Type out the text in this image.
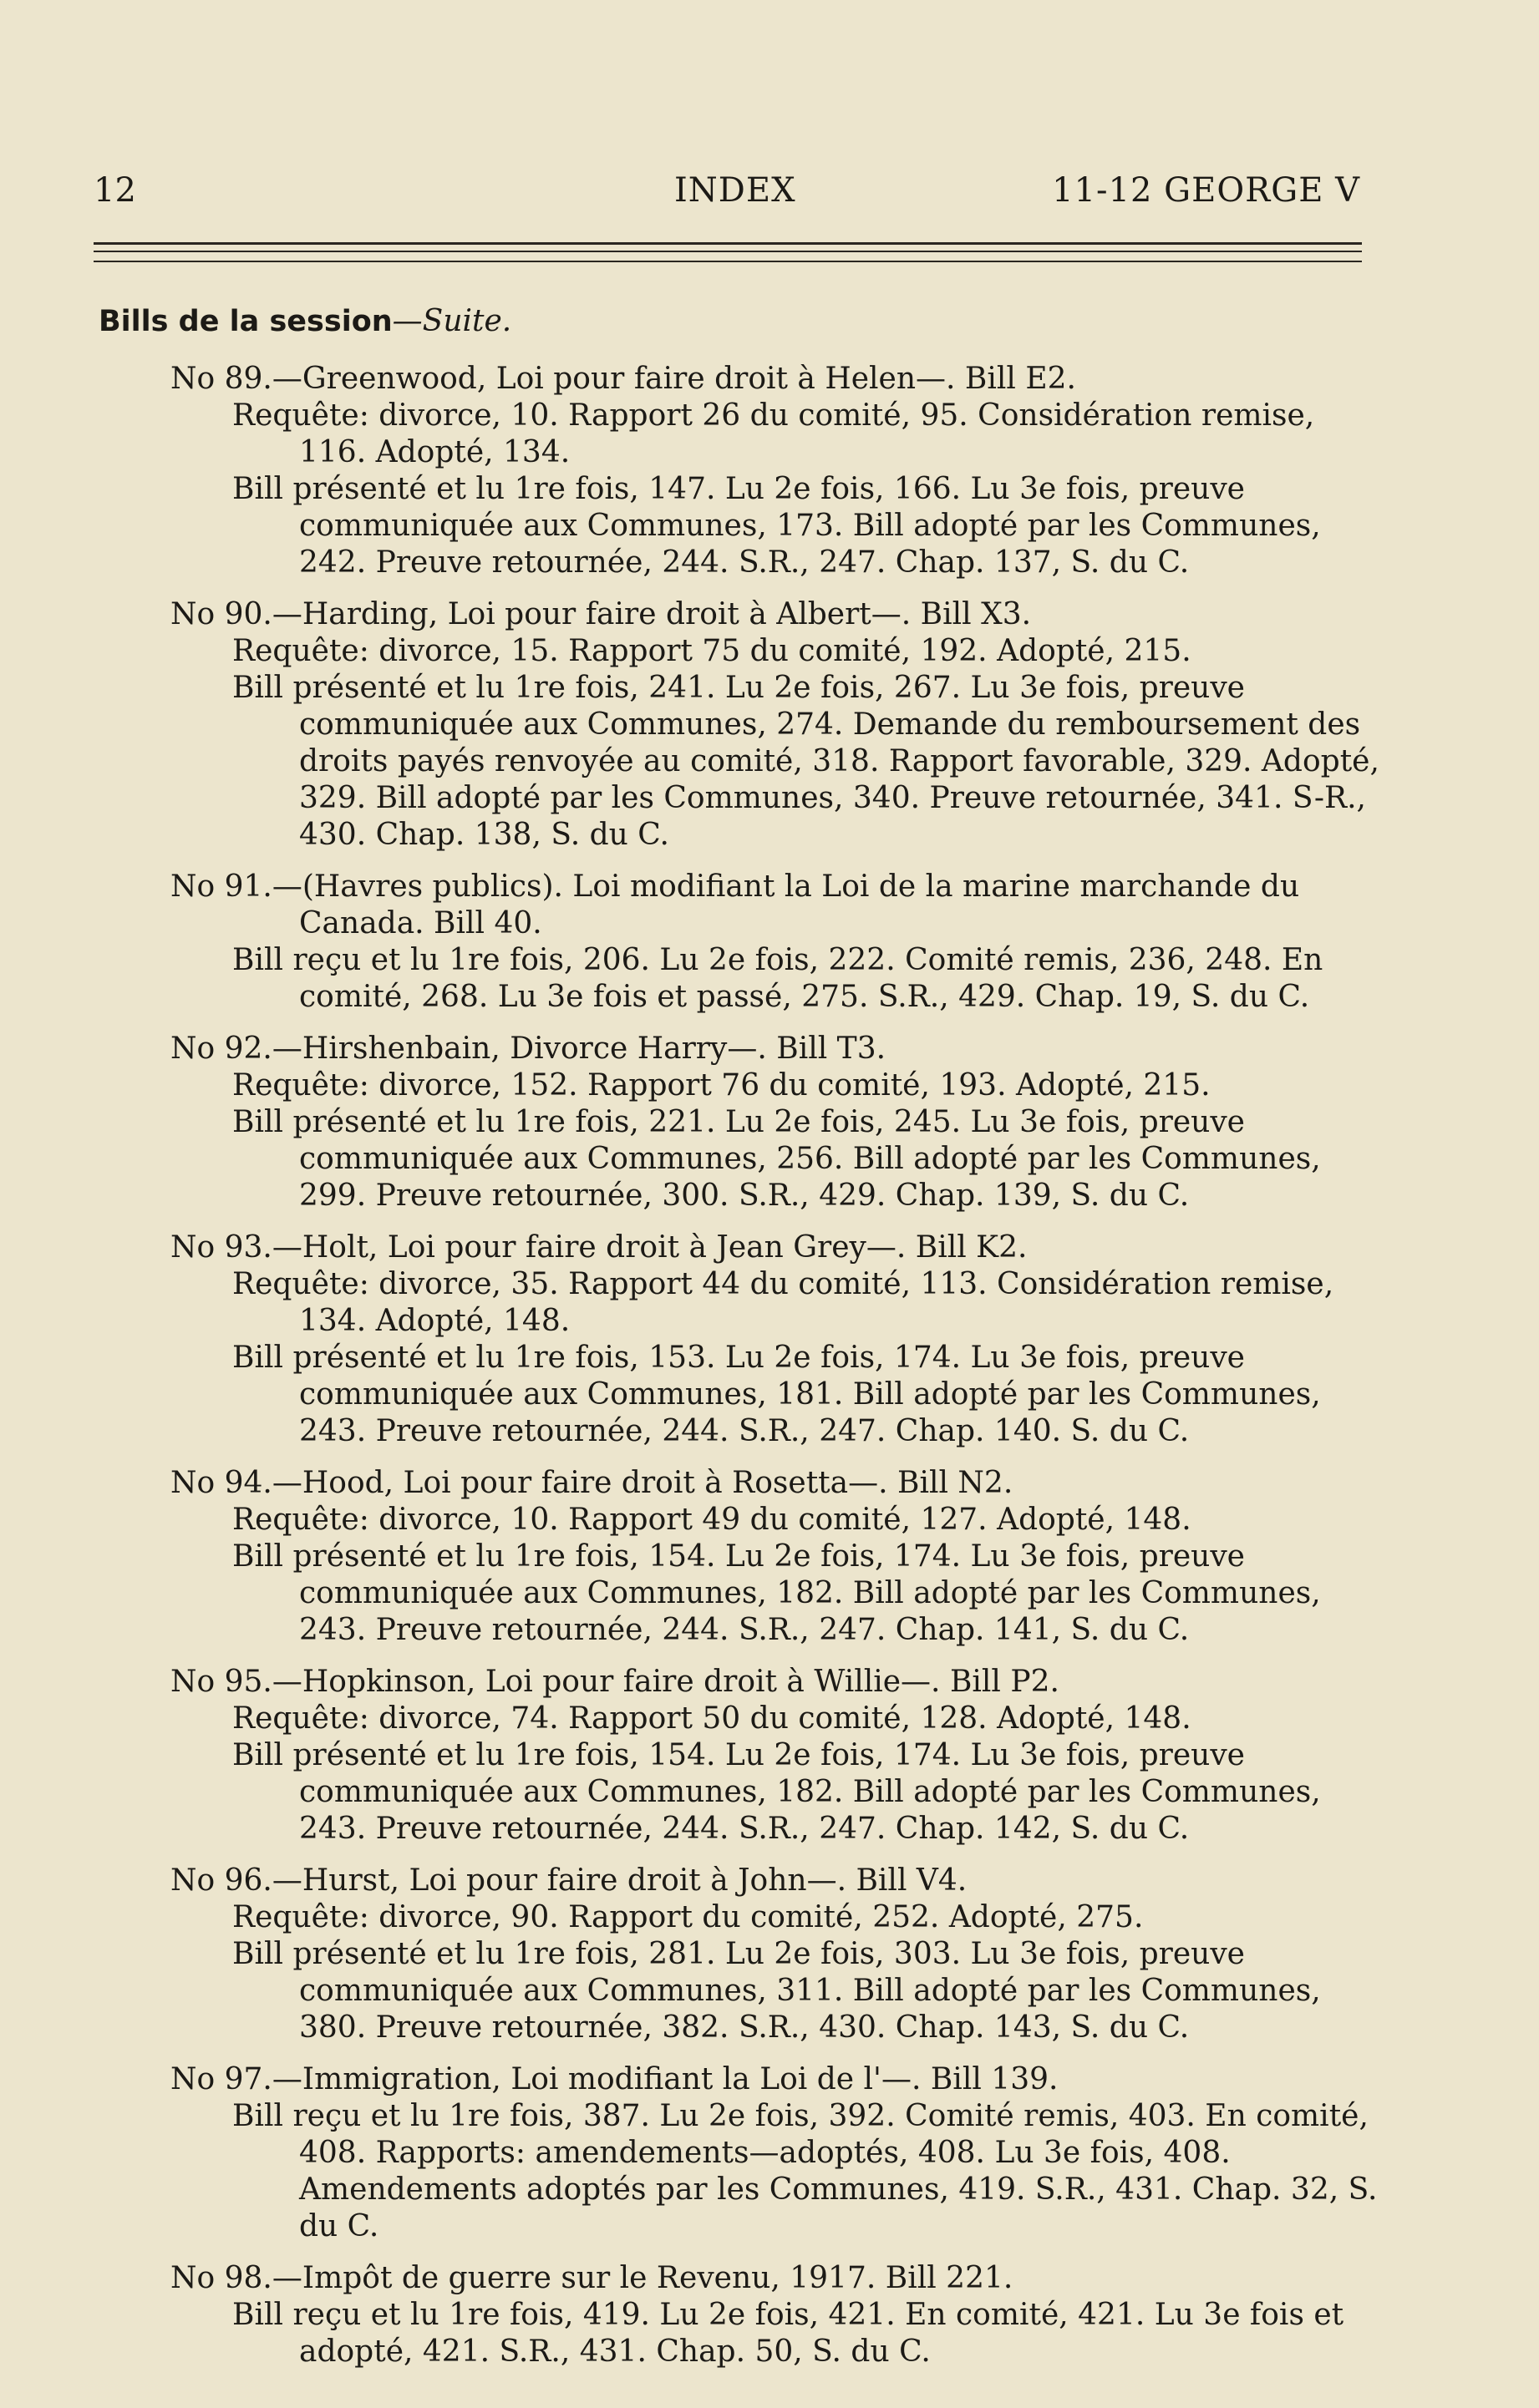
12	INDEX	11-12 GEORGE V
Bills de la session—Suite.
No 89.—Greenwood, Loi pour faire droit à Helen—. Bill E2.
Requête: divorce, 10. Rapport 26 du comité, 95. Considération remise, 116. Adopté, 134.
Bill présenté et lu 1re fois, 147. Lu 2e fois, 166. Lu 3e fois, preuve communiquée aux Communes, 173. Bill adopté par les Communes, 242. Preuve retournée, 244. S.R., 247. Chap. 137, S. du C.
No 90.—Harding, Loi pour faire droit à Albert—. Bill X3.
Requête: divorce, 15. Rapport 75 du comité, 192. Adopté, 215.
Bill présenté et lu 1re fois, 241. Lu 2e fois, 267. Lu 3e fois, preuve communiquée aux Communes, 274. Demande du remboursement des droits payés renvoyée au comité, 318. Rapport favorable, 329. Adopté, 329. Bill adopté par les Communes, 340. Preuve retournée, 341. S-R., 430. Chap. 138, S. du C.
No 91.—(Havres publics). Loi modifiant la Loi de la marine marchande du Canada. Bill 40.
Bill reçu et lu 1re fois, 206. Lu 2e fois, 222. Comité remis, 236, 248. En comité, 268. Lu 3e fois et passé, 275. S.R., 429. Chap. 19, S. du C.
No 92.—Hirshenbain, Divorce Harry—. Bill T3.
Requête: divorce, 152. Rapport 76 du comité, 193. Adopté, 215.
Bill présenté et lu 1re fois, 221. Lu 2e fois, 245. Lu 3e fois, preuve communiquée aux Communes, 256. Bill adopté par les Communes, 299. Preuve retournée, 300. S.R., 429. Chap. 139, S. du C.
No 93.—Holt, Loi pour faire droit à Jean Grey—. Bill K2.
Requête: divorce, 35. Rapport 44 du comité, 113. Considération remise, 134. Adopté, 148.
Bill présenté et lu 1re fois, 153. Lu 2e fois, 174. Lu 3e fois, preuve communiquée aux Communes, 181. Bill adopté par les Communes, 243. Preuve retournée, 244. S.R., 247. Chap. 140. S. du C.
No 94.—Hood, Loi pour faire droit à Rosetta—. Bill N2.
Requête: divorce, 10. Rapport 49 du comité, 127. Adopté, 148.
Bill présenté et lu 1re fois, 154. Lu 2e fois, 174. Lu 3e fois, preuve communiquée aux Communes, 182. Bill adopté par les Communes, 243. Preuve retournée, 244. S.R., 247. Chap. 141, S. du C.
No 95.—Hopkinson, Loi pour faire droit à Willie—. Bill P2.
Requête: divorce, 74. Rapport 50 du comité, 128. Adopté, 148.
Bill présenté et lu 1re fois, 154. Lu 2e fois, 174. Lu 3e fois, preuve communiquée aux Communes, 182. Bill adopté par les Communes, 243. Preuve retournée, 244. S.R., 247. Chap. 142, S. du C.
No 96.—Hurst, Loi pour faire droit à John—. Bill V4.
Requête: divorce, 90. Rapport du comité, 252. Adopté, 275.
Bill présenté et lu 1re fois, 281. Lu 2e fois, 303. Lu 3e fois, preuve communiquée aux Communes, 311. Bill adopté par les Communes, 380. Preuve retournée, 382. S.R., 430. Chap. 143, S. du C.
No 97.—Immigration, Loi modifiant la Loi de l'—. Bill 139.
Bill reçu et lu 1re fois, 387. Lu 2e fois, 392. Comité remis, 403. En comité, 408. Rapports: amendements—adoptés, 408. Lu 3e fois, 408. Amendements adoptés par les Communes, 419. S.R., 431. Chap. 32, S. du C.
No 98.—Impôt de guerre sur le Revenu, 1917. Bill 221.
Bill reçu et lu 1re fois, 419. Lu 2e fois, 421. En comité, 421. Lu 3e fois et adopté, 421. S.R., 431. Chap. 50, S. du C.
